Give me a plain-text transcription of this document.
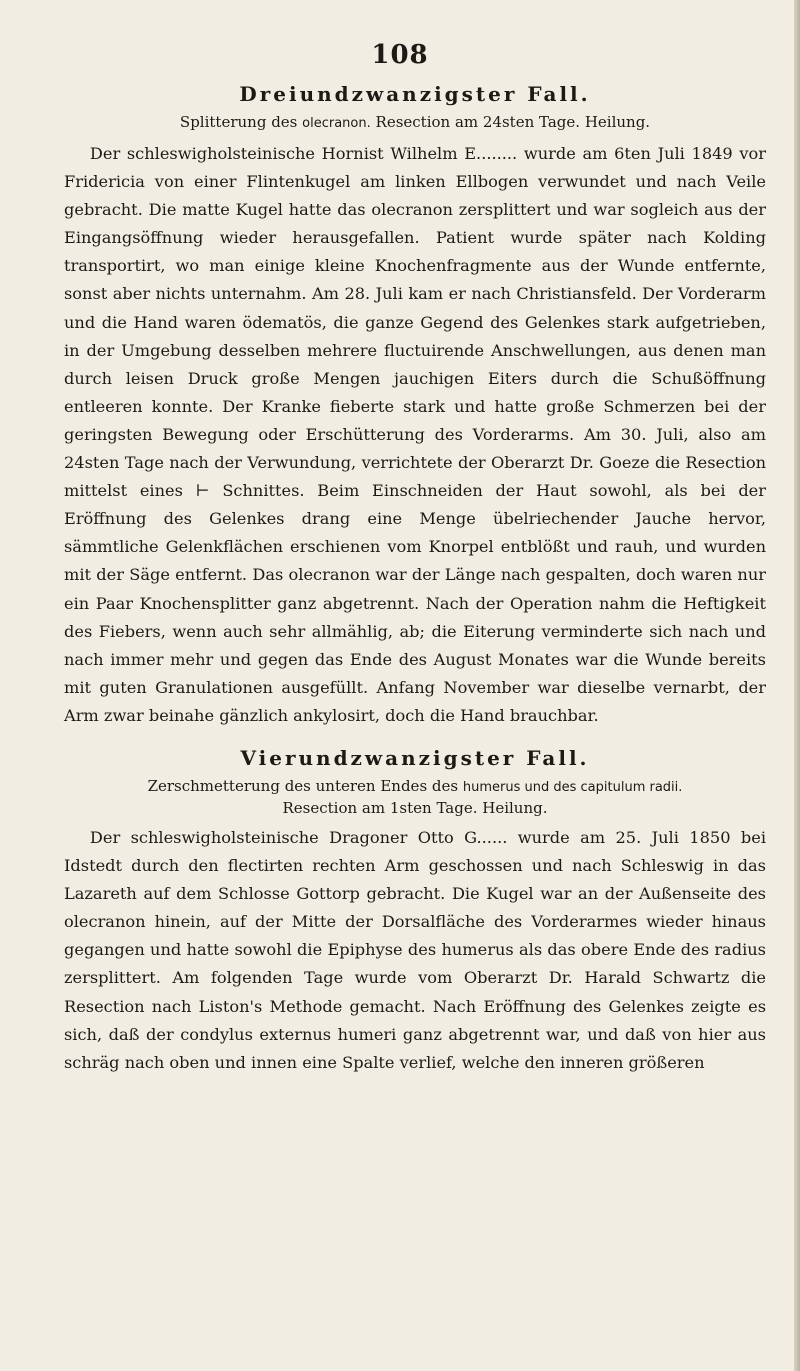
108
Dreiundzwanzigster Fall.

Splitterung des olecranon. Resection am 24sten Tage. Heilung.

Der schleswigholsteinische Hornist Wilhelm E........ wurde am 6ten Juli 1849 vor Fridericia von einer Flintenkugel am linken Ellbogen verwundet und nach Veile gebracht. Die matte Kugel hatte das olecranon zersplittert und war sogleich aus der Eingangsöffnung wieder herausgefallen. Patient wurde später nach Kolding transportirt, wo man einige kleine Knochenfragmente aus der Wunde entfernte, sonst aber nichts unternahm. Am 28. Juli kam er nach Christiansfeld. Der Vorderarm und die Hand waren ödematös, die ganze Gegend des Gelenkes stark aufgetrieben, in der Umgebung desselben mehrere fluctuirende Anschwellungen, aus denen man durch leisen Druck große Mengen jauchigen Eiters durch die Schußöffnung entleeren konnte. Der Kranke fieberte stark und hatte große Schmerzen bei der geringsten Bewegung oder Erschütterung des Vorderarms. Am 30. Juli, also am 24sten Tage nach der Verwundung, verrichtete der Oberarzt Dr. Goeze die Resection mittelst eines ⊢ Schnittes. Beim Einschneiden der Haut sowohl, als bei der Eröffnung des Gelenkes drang eine Menge übelriechender Jauche hervor, sämmtliche Gelenkflächen erschienen vom Knorpel entblößt und rauh, und wurden mit der Säge entfernt. Das olecranon war der Länge nach gespalten, doch waren nur ein Paar Knochensplitter ganz abgetrennt. Nach der Operation nahm die Heftigkeit des Fiebers, wenn auch sehr allmählig, ab; die Eiterung verminderte sich nach und nach immer mehr und gegen das Ende des August Monates war die Wunde bereits mit guten Granulationen ausgefüllt. Anfang November war dieselbe vernarbt, der Arm zwar beinahe gänzlich ankylosirt, doch die Hand brauchbar.

Vierundzwanzigster Fall.

Zerschmetterung des unteren Endes des humerus und des capitulum radii.
Resection am 1sten Tage. Heilung.

Der schleswigholsteinische Dragoner Otto G...... wurde am 25. Juli 1850 bei Idstedt durch den flectirten rechten Arm geschossen und nach Schleswig in das Lazareth auf dem Schlosse Gottorp gebracht. Die Kugel war an der Außenseite des olecranon hinein, auf der Mitte der Dorsalfläche des Vorderarmes wieder hinaus gegangen und hatte sowohl die Epiphyse des humerus als das obere Ende des radius zersplittert. Am folgenden Tage wurde vom Oberarzt Dr. Harald Schwartz die Resection nach Liston's Methode gemacht. Nach Eröffnung des Gelenkes zeigte es sich, daß der condylus externus humeri ganz abgetrennt war, und daß von hier aus schräg nach oben und innen eine Spalte verlief, welche den inneren größeren
